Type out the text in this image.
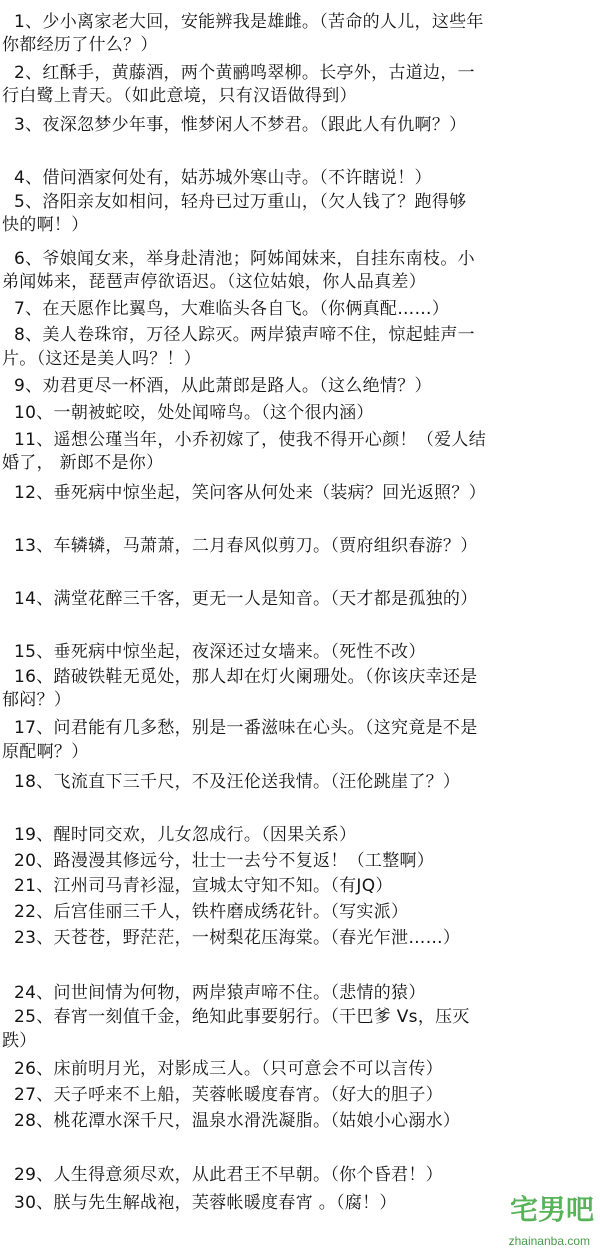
1、少小离家老大回，安能辨我是雄雌。（苦命的人儿，这些年
你都经历了什么？）
2、红酥手，黄藤酒，两个黄鹂鸣翠柳。长亭外，古道边，一
行白鹭上青天。（如此意境，只有汉语做得到）
3、夜深忽梦少年事，惟梦闲人不梦君。（跟此人有仇啊？）
4、借问酒家何处有，姑苏城外寒山寺。（不许瞎说！）
5、洛阳亲友如相问，轻舟已过万重山，（欠人钱了？跑得够
快的啊！）
6、爷娘闻女来，举身赴清池；阿姊闻妹来，自挂东南枝。小
弟闻姊来，琵琶声停欲语迟。（这位姑娘，你人品真差）
7、在天愿作比翼鸟，大难临头各自飞。（你俩真配……）
8、美人卷珠帘，万径人踪灭。两岸猿声啼不住，惊起蛙声一
片。（这还是美人吗？！）
9、劝君更尽一杯酒，从此萧郎是路人。（这么绝情？）
10、一朝被蛇咬，处处闻啼鸟。（这个很内涵）
11、遥想公瑾当年，小乔初嫁了，使我不得开心颜！（爱人结
婚了， 新郎不是你）
12、垂死病中惊坐起，笑问客从何处来（装病？回光返照？）
13、车辚辚，马萧萧，二月春风似剪刀。（贾府组织春游？）
14、满堂花醉三千客，更无一人是知音。（天才都是孤独的）
15、垂死病中惊坐起，夜深还过女墙来。（死性不改）
16、踏破铁鞋无觅处，那人却在灯火阑珊处。（你该庆幸还是
郁闷？）
17、问君能有几多愁，别是一番滋味在心头。（这究竟是不是
原配啊？）
18、飞流直下三千尺，不及汪伦送我情。（汪伦跳崖了？）
19、醒时同交欢，儿女忽成行。（因果关系）
20、路漫漫其修远兮，壮士一去兮不复返！（工整啊）
21、江州司马青衫湿，宣城太守知不知。（有JQ）
22、后宫佳丽三千人，铁杵磨成绣花针。（写实派）
23、天苍苍，野茫茫，一树梨花压海棠。（春光乍泄……）
24、问世间情为何物，两岸猿声啼不住。（悲情的猿）
25、春宵一刻值千金，绝知此事要躬行。（干巴爹 Vs，压灭
跌）
26、床前明月光，对影成三人。（只可意会不可以言传）
27、天子呼来不上船，芙蓉帐暖度春宵。（好大的胆子）
28、桃花潭水深千尺，温泉水滑洗凝脂。（姑娘小心溺水）
29、人生得意须尽欢，从此君王不早朝。（你个昏君！）
30、朕与先生解战袍，芙蓉帐暖度春宵 。（腐！）	宅男吧
zhainanba.com
